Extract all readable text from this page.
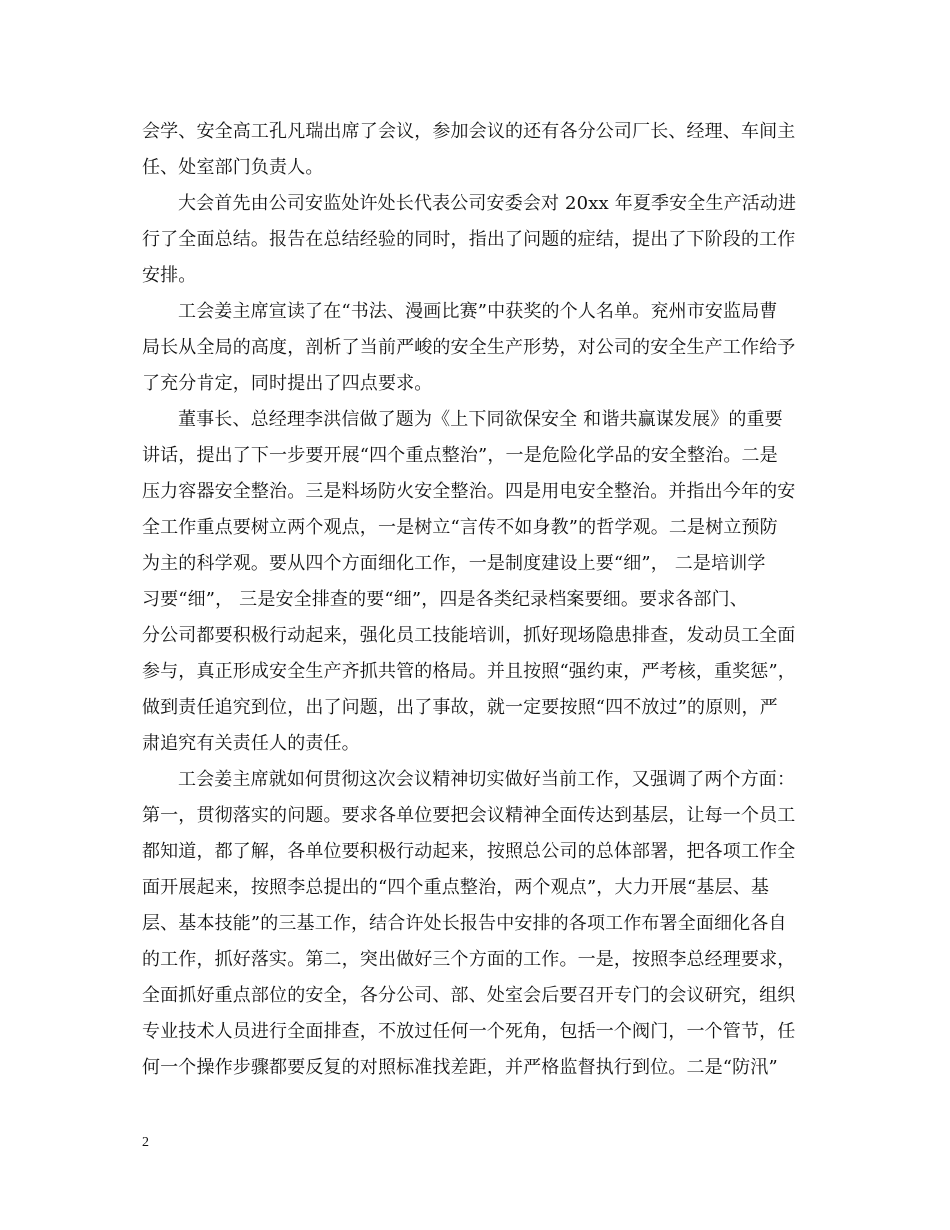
会学、安全高工孔凡瑞出席了会议，参加会议的还有各分公司厂长、经理、车间主
任、处室部门负责人。
大会首先由公司安监处许处长代表公司安委会对 20xx 年夏季安全生产活动进
行了全面总结。报告在总结经验的同时，指出了问题的症结，提出了下阶段的工作
安排。
工会姜主席宣读了在“书法、漫画比赛”中获奖的个人名单。兖州市安监局曹
局长从全局的高度，剖析了当前严峻的安全生产形势，对公司的安全生产工作给予
了充分肯定，同时提出了四点要求。
董事长、总经理李洪信做了题为《上下同欲保安全 和谐共赢谋发展》的重要
讲话，提出了下一步要开展“四个重点整治”，一是危险化学品的安全整治。二是
压力容器安全整治。三是料场防火安全整治。四是用电安全整治。并指出今年的安
全工作重点要树立两个观点，一是树立“言传不如身教”的哲学观。二是树立预防
为主的科学观。要从四个方面细化工作，一是制度建设上要“细”， 二是培训学
习要“细”， 三是安全排查的要“细”，四是各类纪录档案要细。要求各部门、
分公司都要积极行动起来，强化员工技能培训，抓好现场隐患排查，发动员工全面
参与，真正形成安全生产齐抓共管的格局。并且按照“强约束，严考核，重奖惩”，
做到责任追究到位，出了问题，出了事故，就一定要按照“四不放过”的原则，严
肃追究有关责任人的责任。
工会姜主席就如何贯彻这次会议精神切实做好当前工作，又强调了两个方面：
第一，贯彻落实的问题。要求各单位要把会议精神全面传达到基层，让每一个员工
都知道，都了解，各单位要积极行动起来，按照总公司的总体部署，把各项工作全
面开展起来，按照李总提出的“四个重点整治，两个观点”，大力开展“基层、基
层、基本技能”的三基工作，结合许处长报告中安排的各项工作布署全面细化各自
的工作，抓好落实。第二，突出做好三个方面的工作。一是，按照李总经理要求，
全面抓好重点部位的安全，各分公司、部、处室会后要召开专门的会议研究，组织
专业技术人员进行全面排查，不放过任何一个死角，包括一个阀门，一个管节，任
何一个操作步骤都要反复的对照标准找差距，并严格监督执行到位。二是“防汛”
2
